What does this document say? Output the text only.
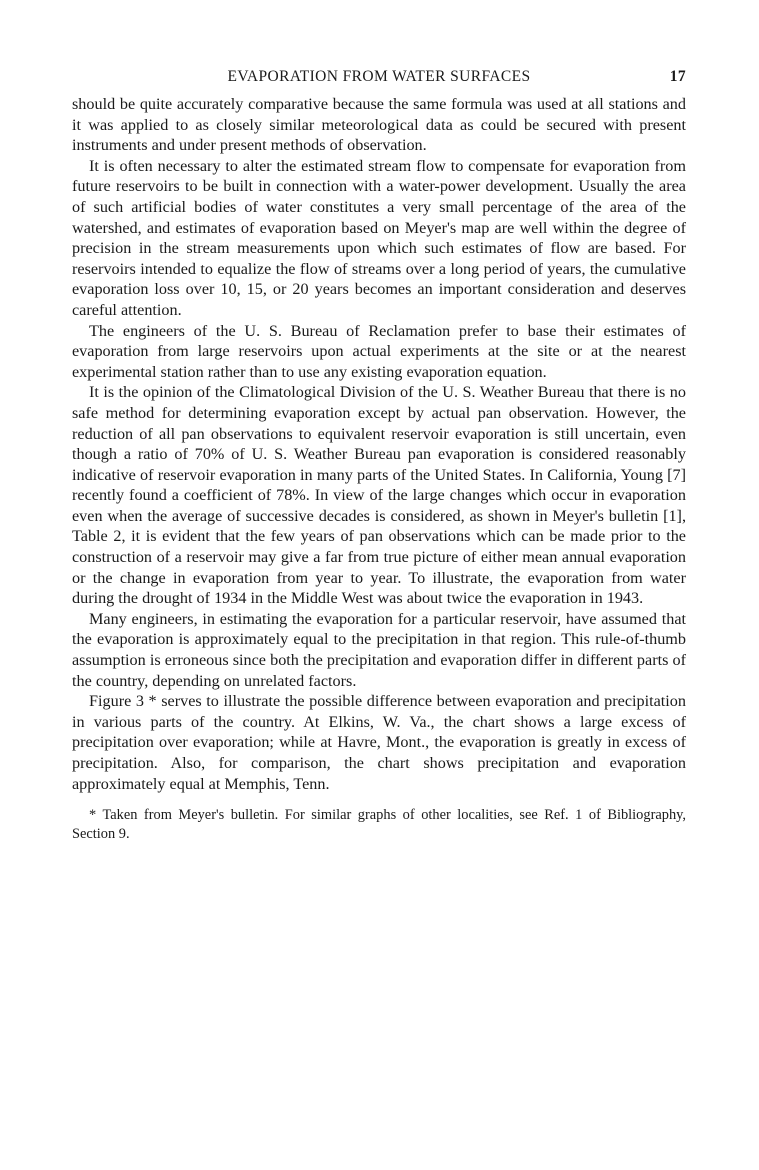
EVAPORATION FROM WATER SURFACES	17

should be quite accurately comparative because the same formula was used at all stations and it was applied to as closely similar meteorological data as could be secured with present instruments and under present methods of observation.

It is often necessary to alter the estimated stream flow to compensate for evaporation from future reservoirs to be built in connection with a water-power development. Usually the area of such artificial bodies of water constitutes a very small percentage of the area of the watershed, and estimates of evaporation based on Meyer's map are well within the degree of precision in the stream measurements upon which such estimates of flow are based. For reservoirs intended to equalize the flow of streams over a long period of years, the cumulative evaporation loss over 10, 15, or 20 years becomes an important consideration and deserves careful attention.

The engineers of the U. S. Bureau of Reclamation prefer to base their estimates of evaporation from large reservoirs upon actual experiments at the site or at the nearest experimental station rather than to use any existing evaporation equation.

It is the opinion of the Climatological Division of the U. S. Weather Bureau that there is no safe method for determining evaporation except by actual pan observation. However, the reduction of all pan observations to equivalent reservoir evaporation is still uncertain, even though a ratio of 70% of U. S. Weather Bureau pan evaporation is considered reasonably indicative of reservoir evaporation in many parts of the United States. In California, Young [7] recently found a coefficient of 78%. In view of the large changes which occur in evaporation even when the average of successive decades is considered, as shown in Meyer's bulletin [1], Table 2, it is evident that the few years of pan observations which can be made prior to the construction of a reservoir may give a far from true picture of either mean annual evaporation or the change in evaporation from year to year. To illustrate, the evaporation from water during the drought of 1934 in the Middle West was about twice the evaporation in 1943.

Many engineers, in estimating the evaporation for a particular reservoir, have assumed that the evaporation is approximately equal to the precipitation in that region. This rule-of-thumb assumption is erroneous since both the precipitation and evaporation differ in different parts of the country, depending on unrelated factors.

Figure 3 * serves to illustrate the possible difference between evaporation and precipitation in various parts of the country. At Elkins, W. Va., the chart shows a large excess of precipitation over evaporation; while at Havre, Mont., the evaporation is greatly in excess of precipitation. Also, for comparison, the chart shows precipitation and evaporation approximately equal at Memphis, Tenn.

* Taken from Meyer's bulletin. For similar graphs of other localities, see Ref. 1 of Bibliography, Section 9.
